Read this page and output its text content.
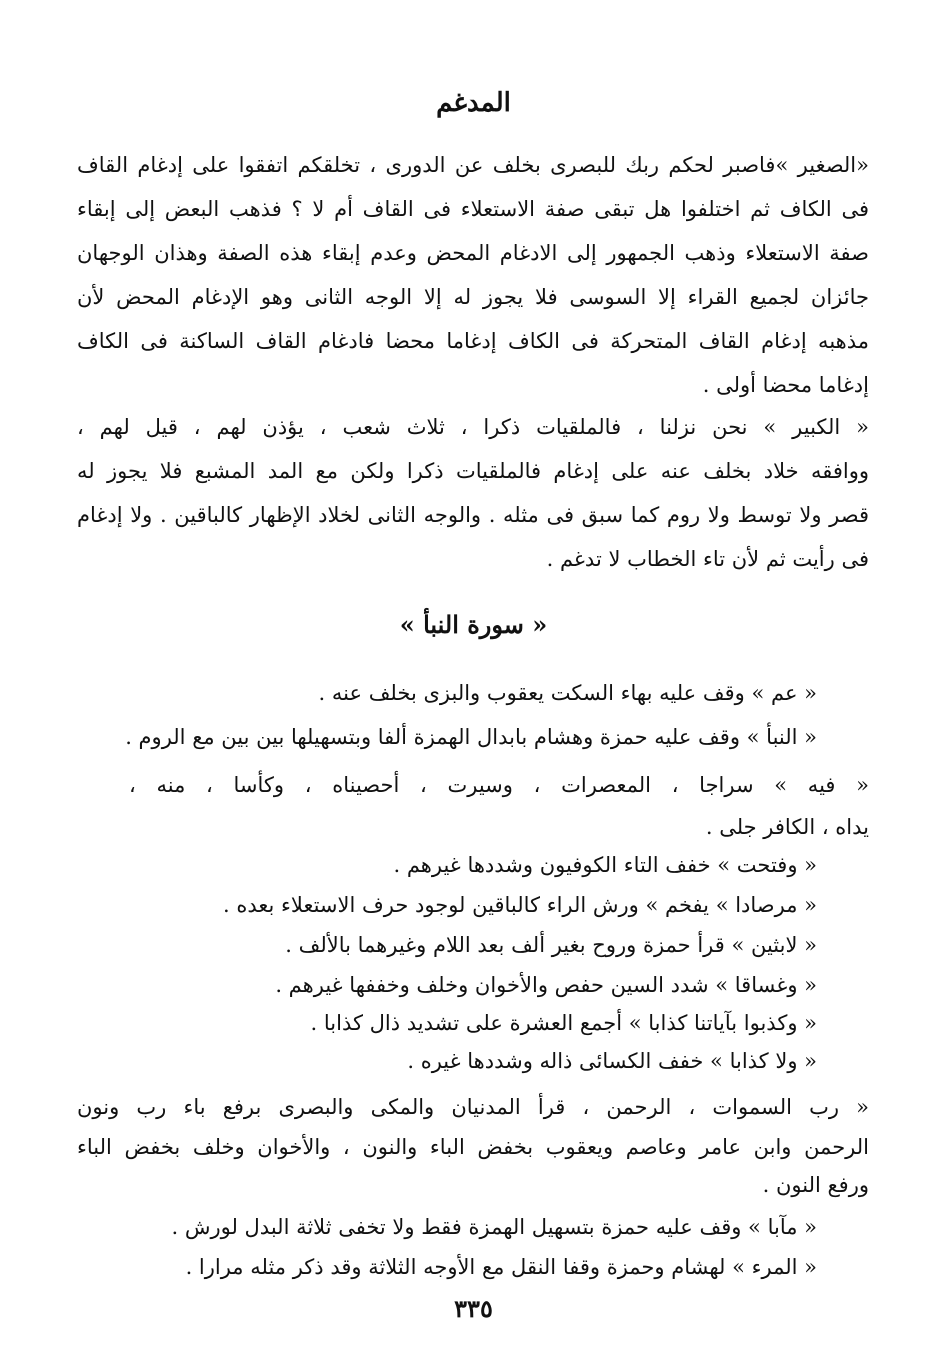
المدغم
«الصغير »فاصبر لحكم ربك للبصرى بخلف عن الدورى ، تخلقكم اتفقوا على إدغام القاف
فى الكاف ثم اختلفوا هل تبقى صفة الاستعلاء فى القاف أم لا ؟ فذهب البعض إلى إبقاء
صفة الاستعلاء وذهب الجمهور إلى الادغام المحض وعدم إبقاء هذه الصفة وهذان الوجهان
جائزان لجميع القراء إلا السوسى فلا يجوز له إلا الوجه الثانى وهو الإدغام المحض لأن
مذهبه إدغام القاف المتحركة فى الكاف إدغاما محضا فادغام القاف الساكنة فى الكاف
إدغاما محضا أولى .
« الكبير » نحن نزلنا ، فالملقيات ذكرا ، ثلاث شعب ، يؤذن لهم ، قيل لهم ،
ووافقه خلاد بخلف عنه على إدغام فالملقيات ذكرا ولكن مع المد المشبع فلا يجوز له
قصر ولا توسط ولا روم كما سبق فى مثله . والوجه الثانى لخلاد الإظهار كالباقين . ولا إدغام
فى رأيت ثم لأن تاء الخطاب لا تدغم .
« سورة النبأ »
« عم » وقف عليه بهاء السكت يعقوب والبزى بخلف عنه .
« النبأ » وقف عليه حمزة وهشام بابدال الهمزة ألفا وبتسهيلها بين بين مع الروم .
« فيه » سراجا ، المعصرات ، وسيرت ، أحصيناه ، وكأسا ، منه ،
يداه ، الكافر جلى .
« وفتحت » خفف التاء الكوفيون وشددها غيرهم .
« مرصادا » يفخم » ورش الراء كالباقين لوجود حرف الاستعلاء بعده .
« لابثين » قرأ حمزة وروح بغير ألف بعد اللام وغيرهما بالألف .
« وغساقا » شدد السين حفص والأخوان وخلف وخففها غيرهم .
« وكذبوا بآياتنا كذابا » أجمع العشرة على تشديد ذال كذابا .
« ولا كذابا » خفف الكسائى ذاله وشددها غيره .
« رب السموات ، الرحمن ، قرأ المدنيان والمكى والبصرى برفع باء رب ونون
الرحمن وابن عامر وعاصم ويعقوب بخفض الباء والنون ، والأخوان وخلف بخفض الباء
ورفع النون .
« مآبا » وقف عليه حمزة بتسهيل الهمزة فقط ولا تخفى ثلاثة البدل لورش .
« المرء » لهشام وحمزة وقفا النقل مع الأوجه الثلاثة وقد ذكر مثله مرارا .
٣٣٥
